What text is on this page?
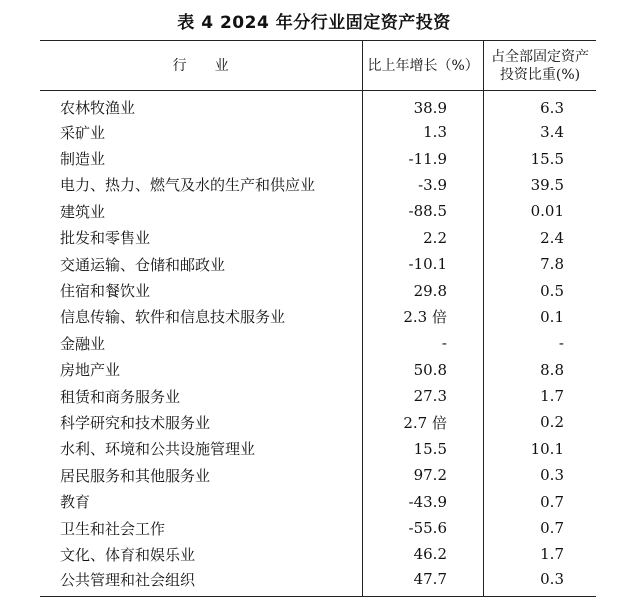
表 4 2024 年分行业固定资产投资
行业	比上年增长（%）	占全部固定资产投资比重(%)

农林牧渔业	38.9	6.3
采矿业	1.3	3.4
制造业	-11.9	15.5
电力、热力、燃气及水的生产和供应业	-3.9	39.5
建筑业	-88.5	0.01
批发和零售业	2.2	2.4
交通运输、仓储和邮政业	-10.1	7.8
住宿和餐饮业	29.8	0.5
信息传输、软件和信息技术服务业	2.3 倍	0.1
金融业	-	-
房地产业	50.8	8.8
租赁和商务服务业	27.3	1.7
科学研究和技术服务业	2.7 倍	0.2
水利、环境和公共设施管理业	15.5	10.1
居民服务和其他服务业	97.2	0.3
教育	-43.9	0.7
卫生和社会工作	-55.6	0.7
文化、体育和娱乐业	46.2	1.7
公共管理和社会组织	47.7	0.3
